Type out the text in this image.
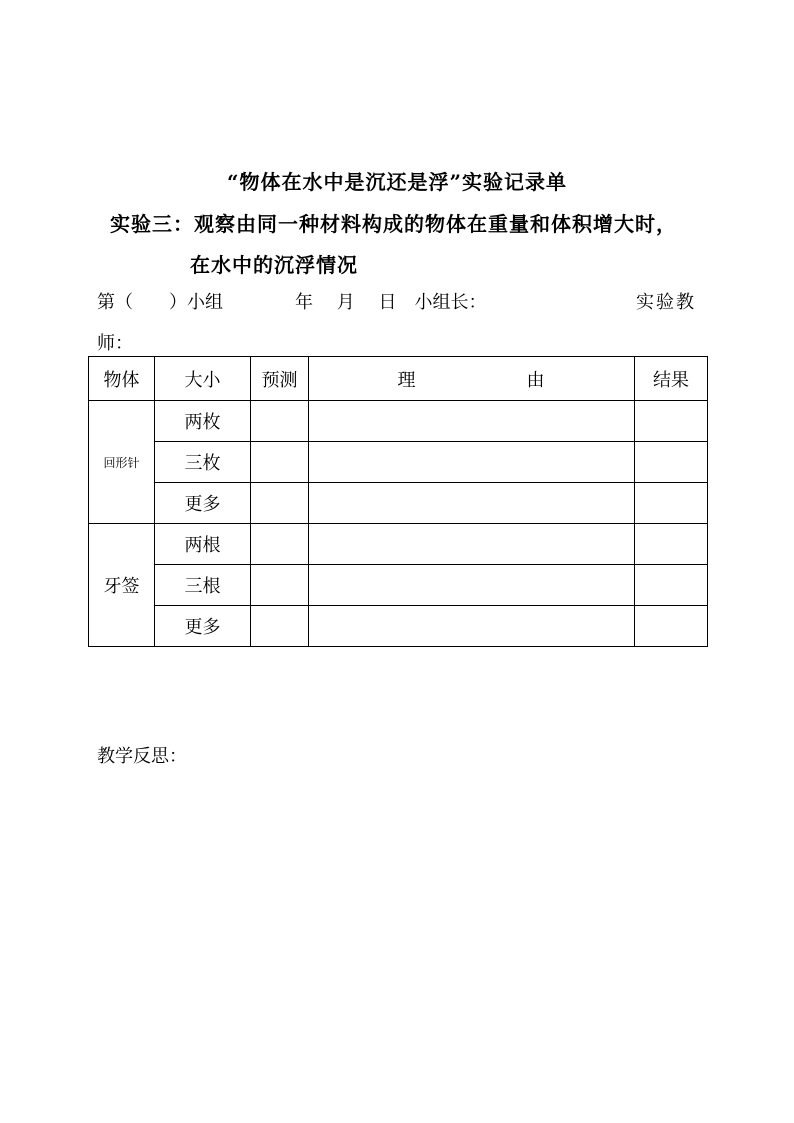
“物体在水中是沉还是浮”实验记录单
实验三：观察由同一种材料构成的物体在重量和体积增大时，
在水中的沉浮情况
第（　　）小组　　　　年　 月 　日　小组长：	实验教
师：
物体	大小	预测	理 由	结果
回形针	两枚			
	三枚			
	更多			
牙签	两根			
	三根			
	更多			
教学反思：
